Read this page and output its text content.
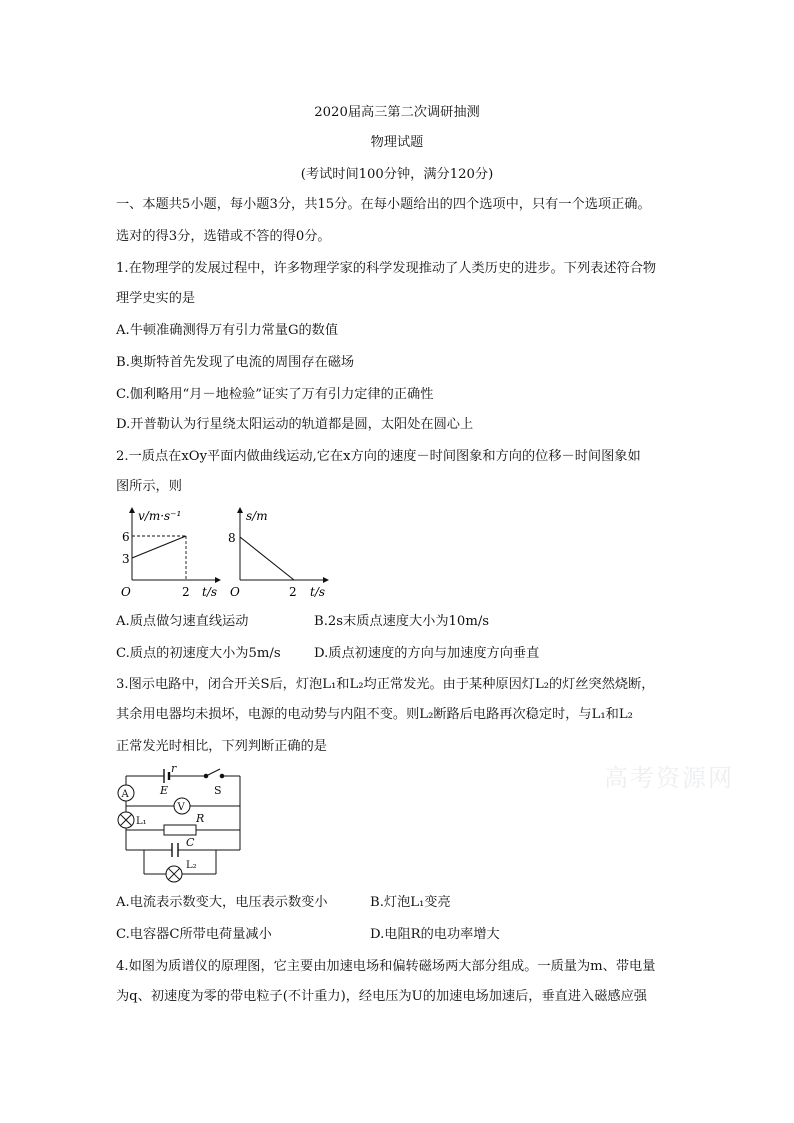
2020届高三第二次调研抽测
物理试题
(考试时间100分钟，满分120分)
一、本题共5小题，每小题3分，共15分。在每小题给出的四个选项中，只有一个选项正确。
选对的得3分，选错或不答的得0分。
1.在物理学的发展过程中，许多物理学家的科学发现推动了人类历史的进步。下列表述符合物
理学史实的是
A.牛顿准确测得万有引力常量G的数值
B.奥斯特首先发现了电流的周围存在磁场
C.伽利略用“月－地检验”证实了万有引力定律的正确性
D.开普勒认为行星绕太阳运动的轨道都是圆，太阳处在圆心上
2.一质点在xOy平面内做曲线运动,它在x方向的速度－时间图象和方向的位移－时间图象如
图所示，则
v/m·s⁻¹
6
3
O	2 t/s
s/m
8
O	2 t/s
A.质点做匀速直线运动	B.2s末质点速度大小为10m/s
C.质点的初速度大小为5m/s	D.质点初速度的方向与加速度方向垂直
3.图示电路中，闭合开关S后，灯泡L₁和L₂均正常发光。由于某种原因灯L₂的灯丝突然烧断，
其余用电器均未损坏，电源的电动势与内阻不变。则L₂断路后电路再次稳定时，与L₁和L₂
正常发光时相比，下列判断正确的是
r
E	S
A
V
L₁	R
C
L₂
高考资源网
A.电流表示数变大，电压表示数变小	B.灯泡L₁变亮
C.电容器C所带电荷量减小	D.电阻R的电功率增大
4.如图为质谱仪的原理图，它主要由加速电场和偏转磁场两大部分组成。一质量为m、带电量
为q、初速度为零的带电粒子(不计重力)，经电压为U的加速电场加速后，垂直进入磁感应强
